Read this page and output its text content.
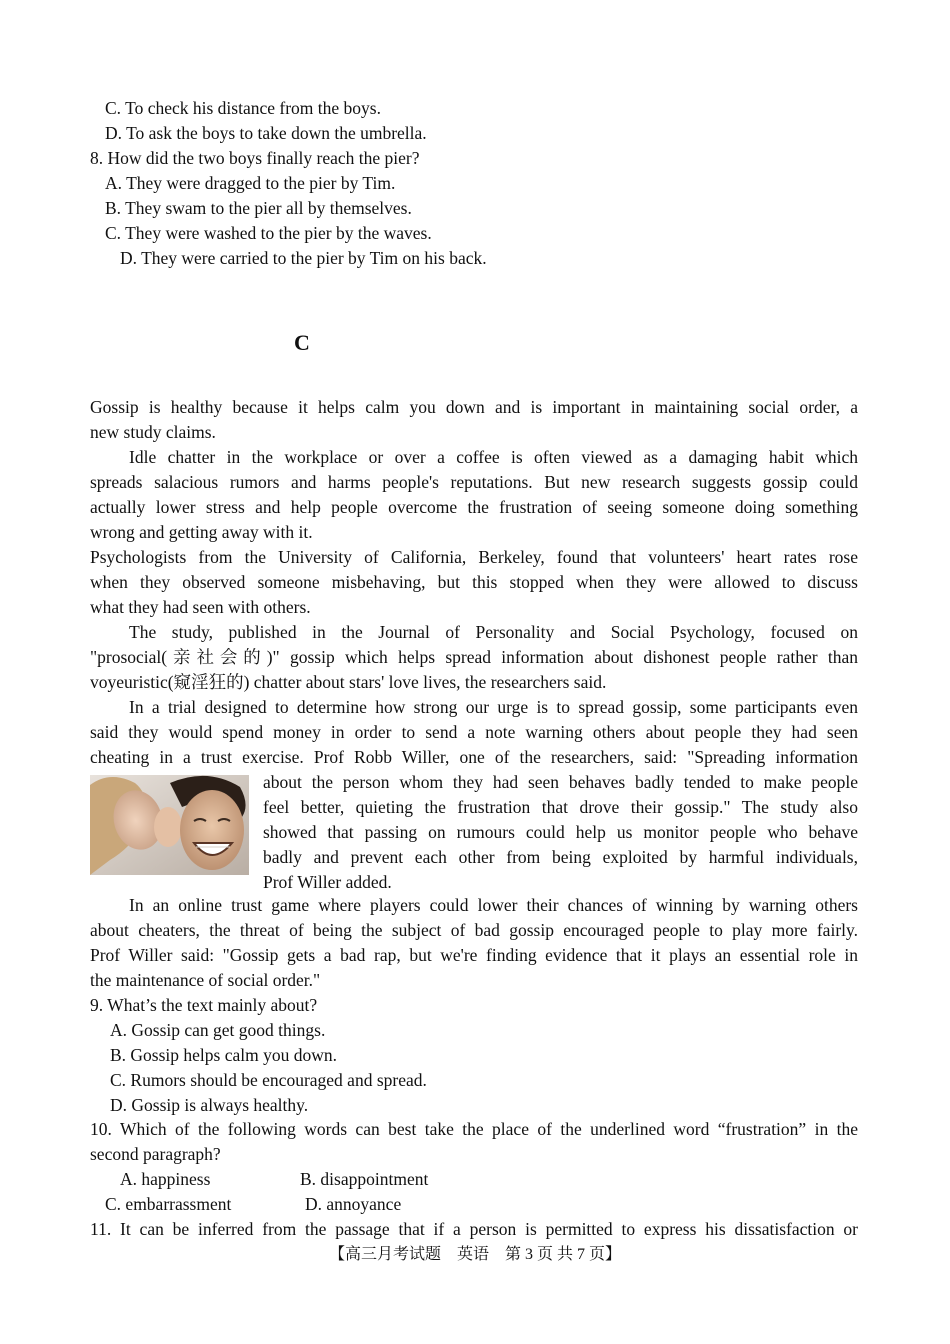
C. To check his distance from the boys.
D. To ask the boys to take down the umbrella.
8. How did the two boys finally reach the pier?
A. They were dragged to the pier by Tim.
B. They swam to the pier all by themselves.
C. They were washed to the pier by the waves.
D. They were carried to the pier by Tim on his back.
C
Gossip is healthy because it helps calm you down and is important in maintaining social order, a
new study claims.
Idle chatter in the workplace or over a coffee is often viewed as a damaging habit which
spreads salacious rumors and harms people's reputations. But new research suggests gossip could
actually lower stress and help people overcome the frustration of seeing someone doing something
wrong and getting away with it.
Psychologists from the University of California, Berkeley, found that volunteers' heart rates rose
when they observed someone misbehaving, but this stopped when they were allowed to discuss
what they had seen with others.
The study, published in the Journal of Personality and Social Psychology, focused on
"prosocial(亲社会的)" gossip which helps spread information about dishonest people rather than
voyeuristic(窥淫狂的) chatter about stars' love lives, the researchers said.
In a trial designed to determine how strong our urge is to spread gossip, some participants even
said they would spend money in order to send a note warning others about people they had seen
cheating in a trust exercise. Prof Robb Willer, one of the researchers, said: "Spreading information
about the person whom they had seen behaves badly tended to make people
feel better, quieting the frustration that drove their gossip." The study also
showed that passing on rumours could help us monitor people who behave
badly and prevent each other from being exploited by harmful individuals,
Prof Willer added.
In an online trust game where players could lower their chances of winning by warning others
about cheaters, the threat of being the subject of bad gossip encouraged people to play more fairly.
Prof Willer said: "Gossip gets a bad rap, but we're finding evidence that it plays an essential role in
the maintenance of social order."
9. What’s the text mainly about?
A. Gossip can get good things.
B. Gossip helps calm you down.
C. Rumors should be encouraged and spread.
D. Gossip is always healthy.
10. Which of the following words can best take the place of the underlined word “frustration” in the
second paragraph?
A. happiness	B. disappointment
C. embarrassment	D. annoyance
11. It can be inferred from the passage that if a person is permitted to express his dissatisfaction or
【高三月考试题　英语　第 3 页 共 7 页】
